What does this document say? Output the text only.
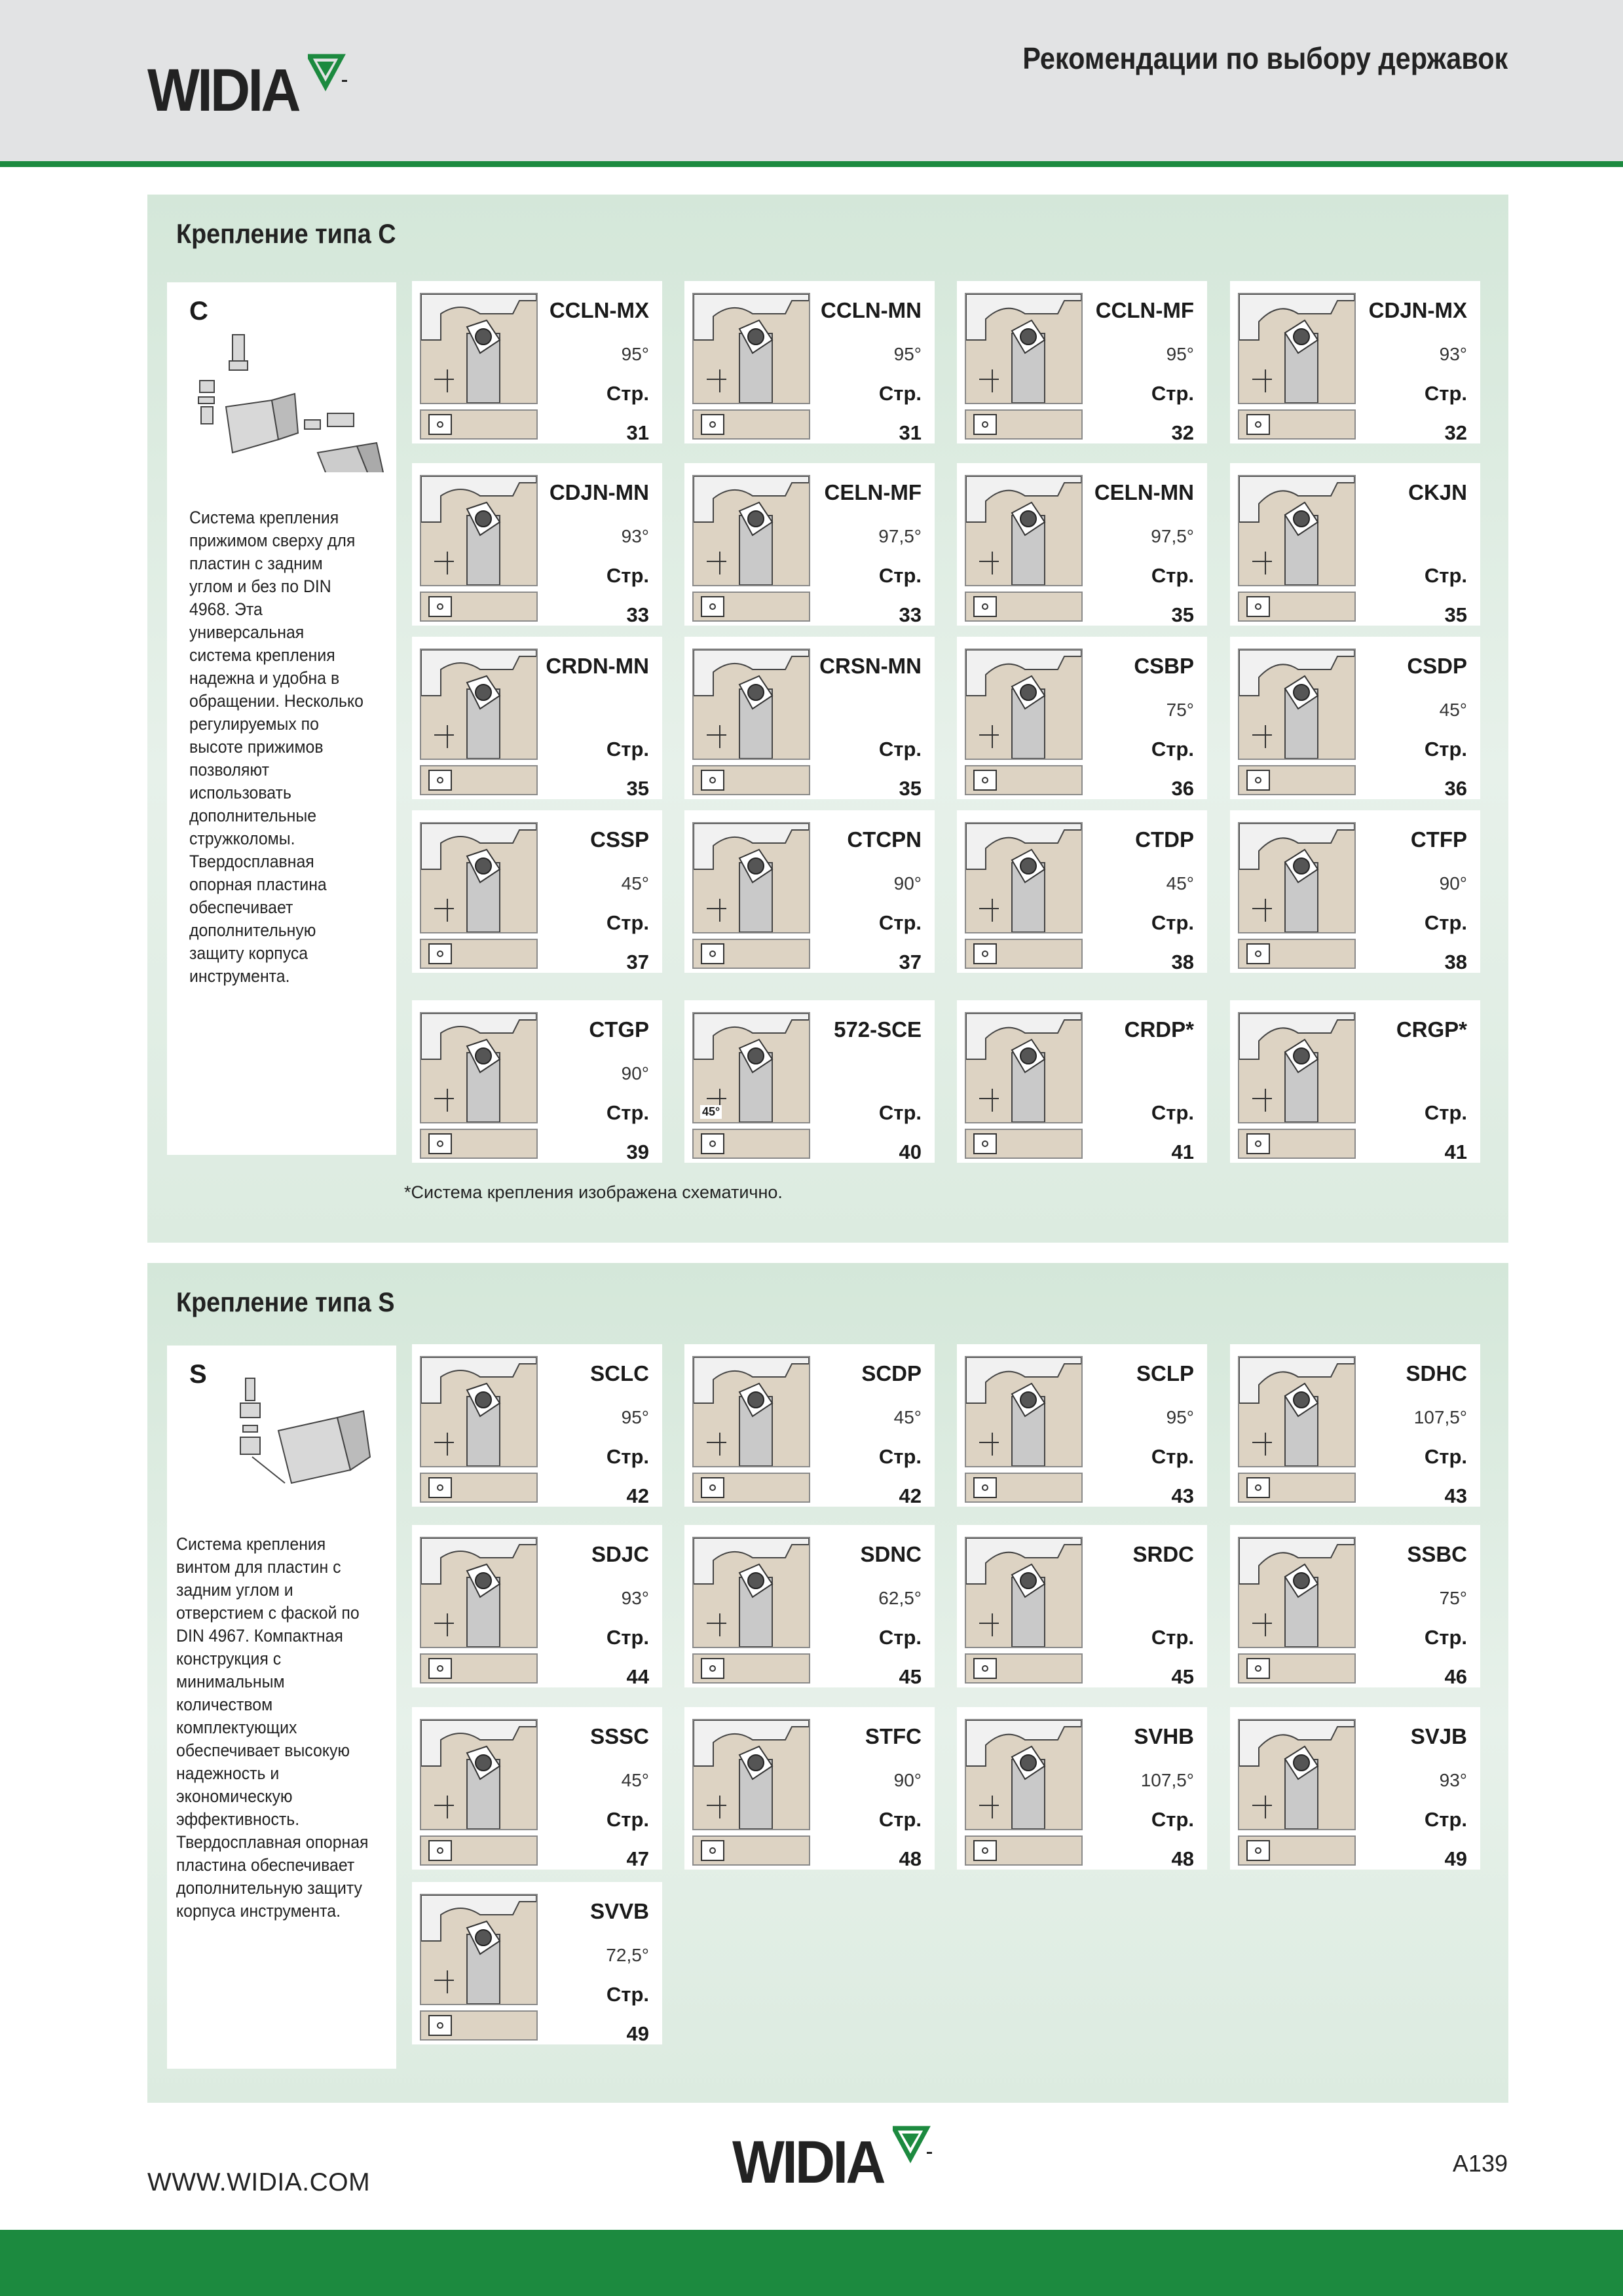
WIDIA	Рекомендации по выбору державок
Крепление типа C
C
Система крепления прижимом сверху для пластин с задним углом и без по DIN 4968. Эта универсальная система крепления надежна и удобна в обращении. Несколько регулируемых по высоте прижимов позволяют использовать дополнительные стружколомы. Твердосплавная опорная пластина обеспечивает дополнительную защиту корпуса инструмента.
CCLN-MX
95°
Стр.
31
CCLN-MN
95°
Стр.
31
CCLN-MF
95°
Стр.
32
CDJN-MX
93°
Стр.
32
CDJN-MN
93°
Стр.
33
CELN-MF
97,5°
Стр.
33
CELN-MN
97,5°
Стр.
35
CKJN
Стр.
35
CRDN-MN
Стр.
35
CRSN-MN
Стр.
35
CSBP
75°
Стр.
36
CSDP
45°
Стр.
36
CSSP
45°
Стр.
37
CTCPN
90°
Стр.
37
CTDP
45°
Стр.
38
CTFP
90°
Стр.
38
CTGP
90°
Стр.
39
572-SCE
Стр.
40
45°
CRDP*
Стр.
41
CRGP*
Стр.
41
*Система крепления изображена схематично.
Крепление типа S
S
Система крепления винтом для пластин с задним углом и отверстием с фаской по DIN 4967. Компактная конструкция с минимальным количеством комплектующих обеспечивает высокую надежность и экономическую эффективность. Твердосплавная опорная пластина обеспечивает дополнительную защиту корпуса инструмента.
SCLC
95°
Стр.
42
SCDP
45°
Стр.
42
SCLP
95°
Стр.
43
SDHC
107,5°
Стр.
43
SDJC
93°
Стр.
44
SDNC
62,5°
Стр.
45
SRDC
Стр.
45
SSBC
75°
Стр.
46
SSSC
45°
Стр.
47
STFC
90°
Стр.
48
SVHB
107,5°
Стр.
48
SVJB
93°
Стр.
49
SVVB
72,5°
Стр.
49
WWW.WIDIA.COM	WIDIA	A139
